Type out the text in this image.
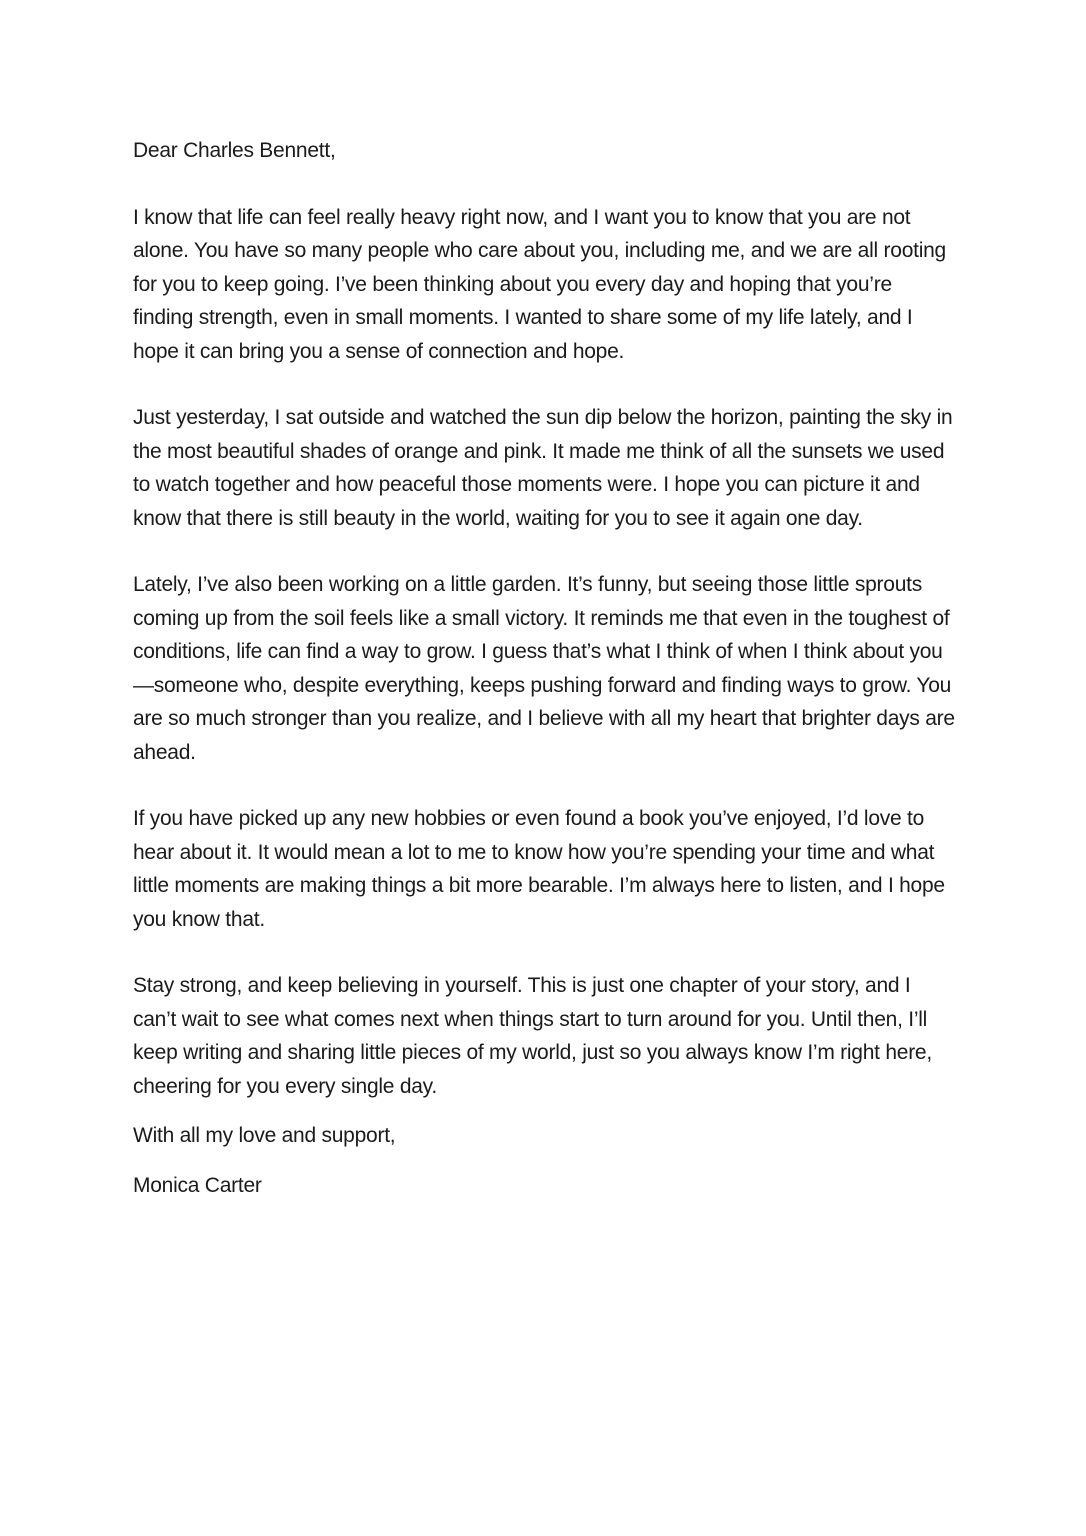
Dear Charles Bennett,

I know that life can feel really heavy right now, and I want you to know that you are not alone. You have so many people who care about you, including me, and we are all rooting for you to keep going. I’ve been thinking about you every day and hoping that you’re finding strength, even in small moments. I wanted to share some of my life lately, and I hope it can bring you a sense of connection and hope.

Just yesterday, I sat outside and watched the sun dip below the horizon, painting the sky in the most beautiful shades of orange and pink. It made me think of all the sunsets we used to watch together and how peaceful those moments were. I hope you can picture it and know that there is still beauty in the world, waiting for you to see it again one day.

Lately, I’ve also been working on a little garden. It’s funny, but seeing those little sprouts coming up from the soil feels like a small victory. It reminds me that even in the toughest of conditions, life can find a way to grow. I guess that’s what I think of when I think about you—someone who, despite everything, keeps pushing forward and finding ways to grow. You are so much stronger than you realize, and I believe with all my heart that brighter days are ahead.

If you have picked up any new hobbies or even found a book you’ve enjoyed, I’d love to hear about it. It would mean a lot to me to know how you’re spending your time and what little moments are making things a bit more bearable. I’m always here to listen, and I hope you know that.

Stay strong, and keep believing in yourself. This is just one chapter of your story, and I can’t wait to see what comes next when things start to turn around for you. Until then, I’ll keep writing and sharing little pieces of my world, just so you always know I’m right here, cheering for you every single day.

With all my love and support,

Monica Carter
